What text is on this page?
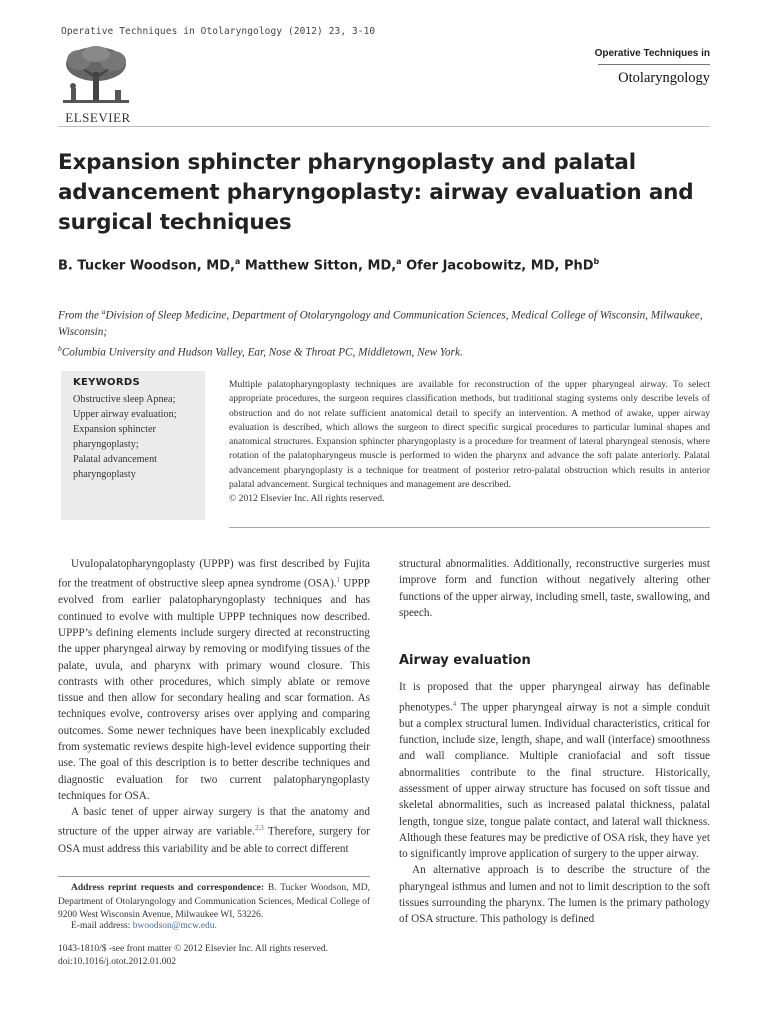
Operative Techniques in Otolaryngology (2012) 23, 3-10
ELSEVIER
Operative Techniques in
Otolaryngology
Expansion sphincter pharyngoplasty and palatal advancement pharyngoplasty: airway evaluation and surgical techniques
B. Tucker Woodson, MD,$^a$ Matthew Sitton, MD,$^a$ Ofer Jacobowitz, MD, PhD$^b$
From the $^a$Division of Sleep Medicine, Department of Otolaryngology and Communication Sciences, Medical College of Wisconsin, Milwaukee, Wisconsin;
$^b$Columbia University and Hudson Valley, Ear, Nose & Throat PC, Middletown, New York.
KEYWORDS
Obstructive sleep Apnea;
Upper airway evaluation;
Expansion sphincter pharyngoplasty;
Palatal advancement pharyngoplasty
Multiple palatopharyngoplasty techniques are available for reconstruction of the upper pharyngeal airway. To select appropriate procedures, the surgeon requires classification methods, but traditional staging systems only describe levels of obstruction and do not relate sufficient anatomical detail to specify an intervention. A method of awake, upper airway evaluation is described, which allows the surgeon to direct specific surgical procedures to particular luminal shapes and anatomical structures. Expansion sphincter pharyngoplasty is a procedure for treatment of lateral pharyngeal stenosis, where rotation of the palatopharyngeus muscle is performed to widen the pharynx and advance the soft palate anteriorly. Palatal advancement pharyngoplasty is a technique for treatment of posterior retro-palatal obstruction which results in anterior palatal advancement. Surgical techniques and management are described.
© 2012 Elsevier Inc. All rights reserved.

Uvulopalatopharyngoplasty (UPPP) was first described by Fujita for the treatment of obstructive sleep apnea syndrome (OSA).$^1$ UPPP evolved from earlier palatopharyngoplasty techniques and has continued to evolve with multiple UPPP techniques now described. UPPP’s defining elements include surgery directed at reconstructing the upper pharyngeal airway by removing or modifying tissues of the palate, uvula, and pharynx with primary wound closure. This contrasts with other procedures, which simply ablate or remove tissue and then allow for secondary healing and scar formation. As techniques evolve, controversy arises over applying and comparing outcomes. Some newer techniques have been inexplicably excluded from systematic reviews despite high-level evidence supporting their use. The goal of this description is to better describe techniques and diagnostic evaluation for two current palatopharyngoplasty techniques for OSA.

A basic tenet of upper airway surgery is that the anatomy and structure of the upper airway are variable.$^{2,3}$ Therefore, surgery for OSA must address this variability and be able to correct different

structural abnormalities. Additionally, reconstructive surgeries must improve form and function without negatively altering other functions of the upper airway, including smell, taste, swallowing, and speech.

Airway evaluation

It is proposed that the upper pharyngeal airway has definable phenotypes.$^4$ The upper pharyngeal airway is not a simple conduit but a complex structural lumen. Individual characteristics, critical for function, include size, length, shape, and wall (interface) smoothness and wall compliance. Multiple craniofacial and soft tissue abnormalities contribute to the final structure. Historically, assessment of upper airway structure has focused on soft tissue and skeletal abnormalities, such as increased palatal thickness, palatal length, tongue size, tongue palate contact, and lateral wall thickness. Although these features may be predictive of OSA risk, they have yet to significantly improve application of surgery to the upper airway.

An alternative approach is to describe the structure of the pharyngeal isthmus and lumen and not to limit description to the soft tissues surrounding the pharynx. The lumen is the primary pathology of OSA structure. This pathology is defined

Address reprint requests and correspondence: B. Tucker Woodson, MD, Department of Otolaryngology and Communication Sciences, Medical College of 9200 West Wisconsin Avenue, Milwaukee WI, 53226.
E-mail address: bwoodson@mcw.edu.
1043-1810/$ -see front matter © 2012 Elsevier Inc. All rights reserved.
doi:10.1016/j.otot.2012.01.002
